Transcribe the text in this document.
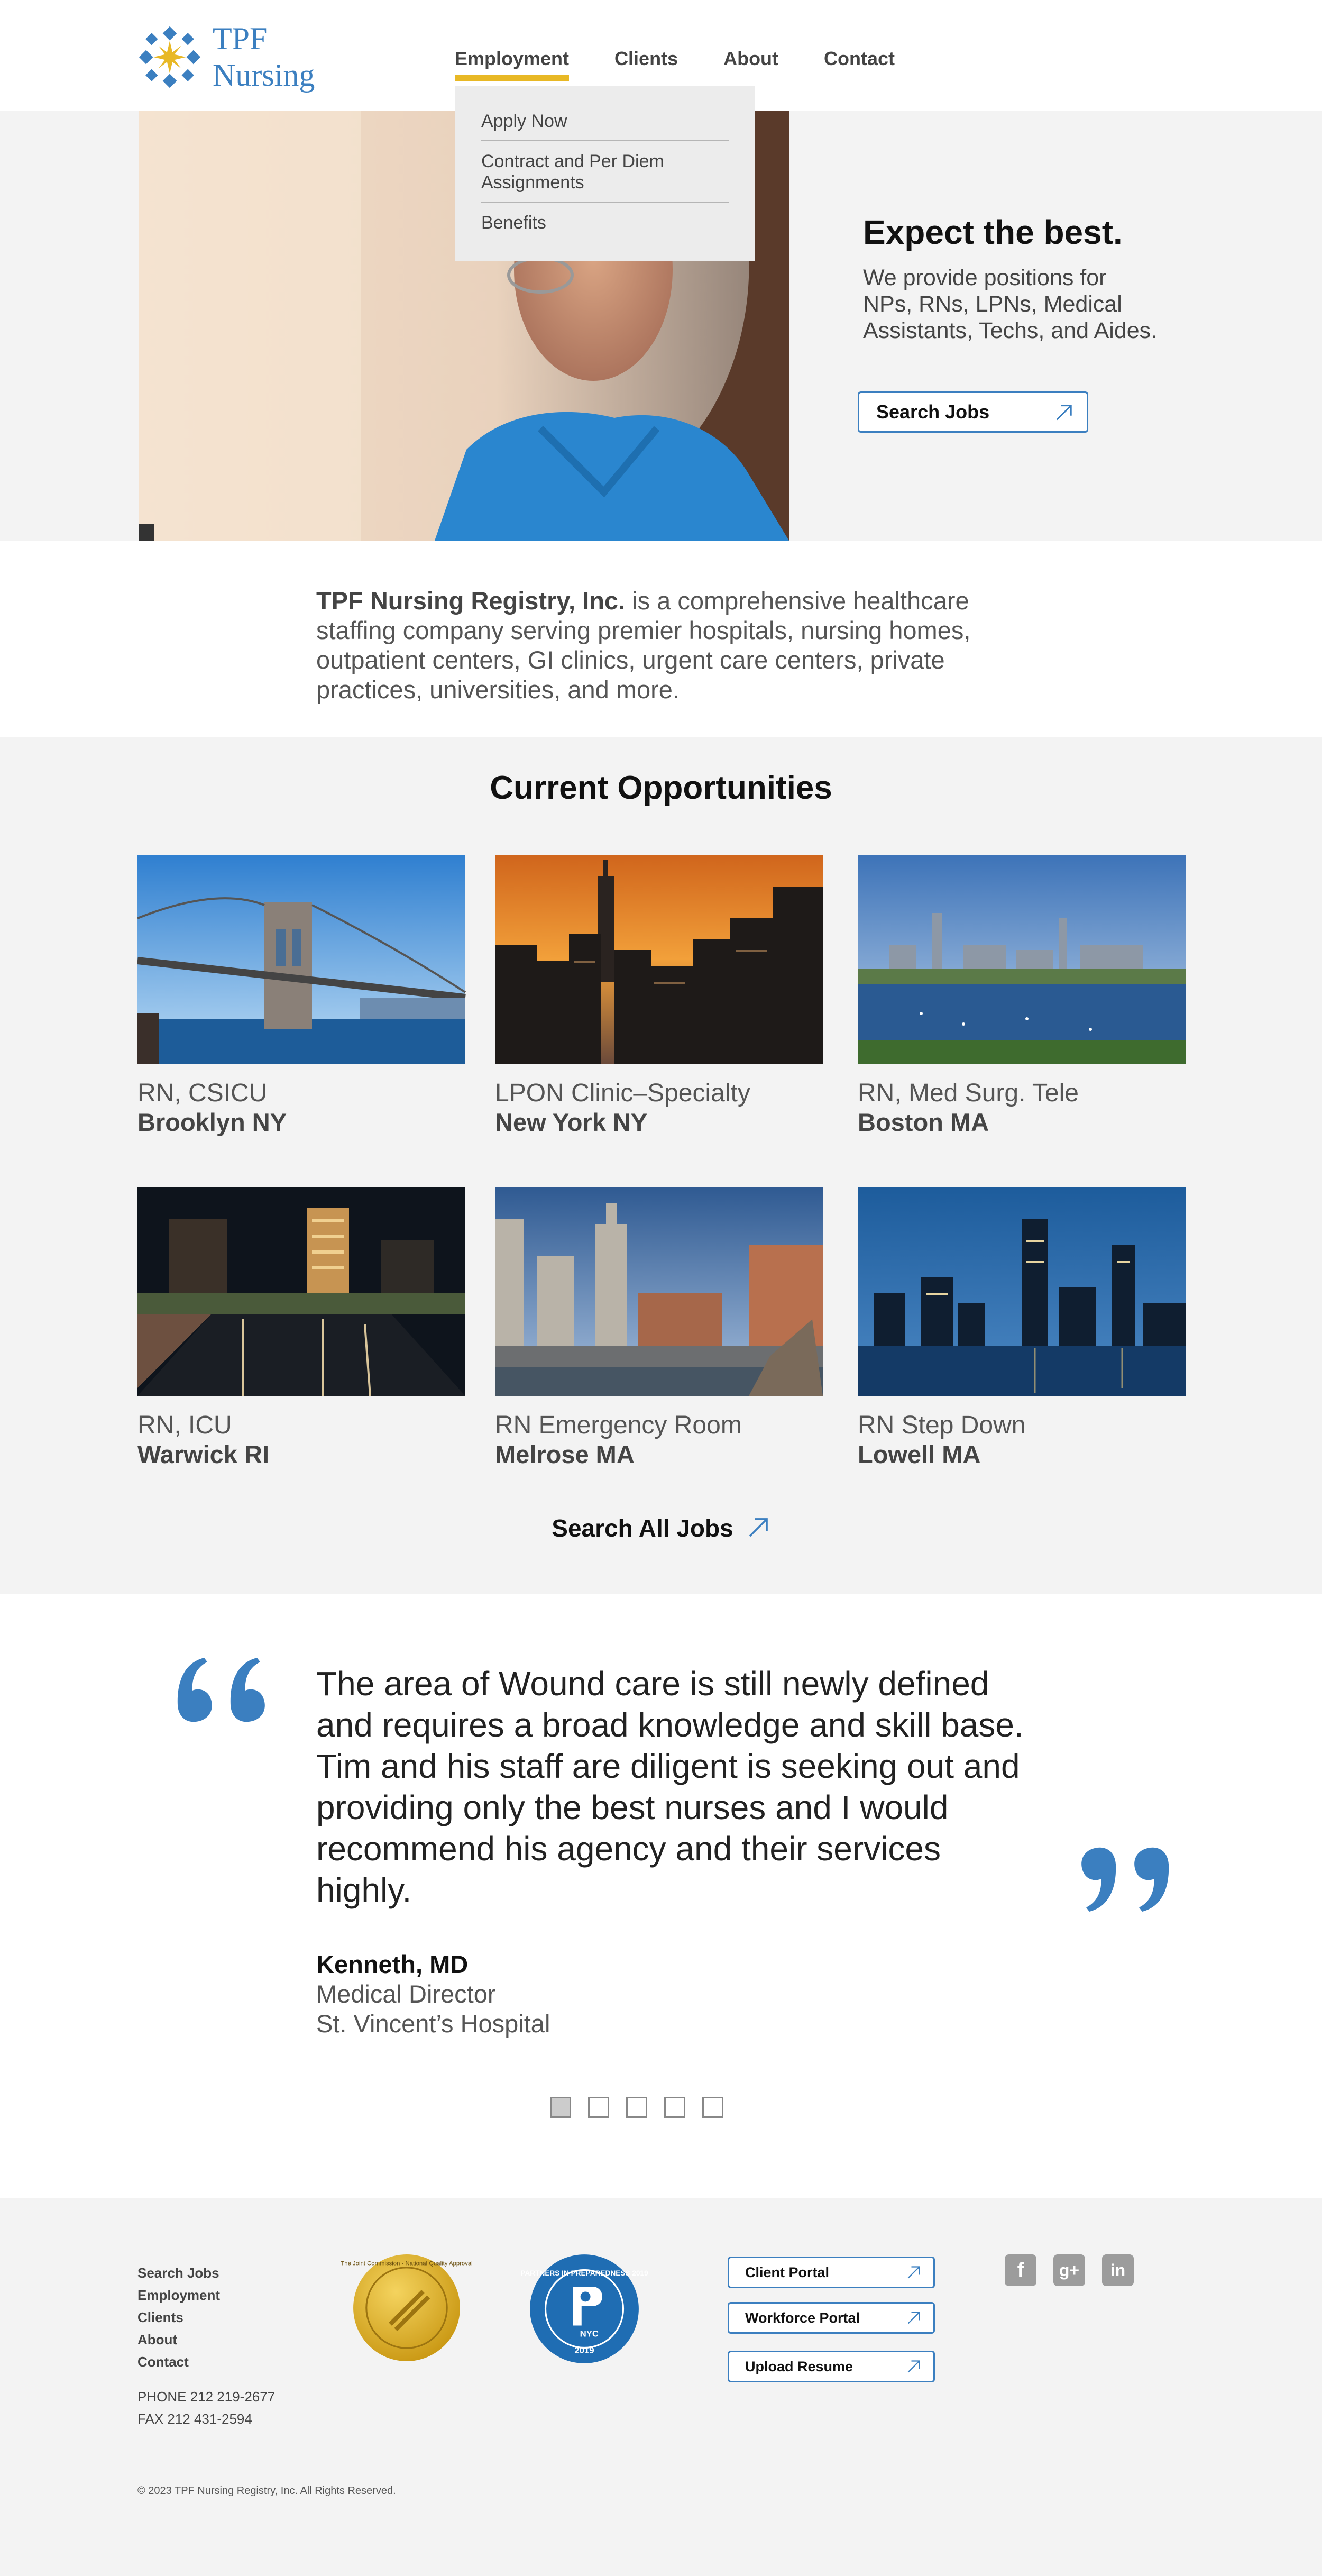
TPF Nursing	Employment Clients About Contact
Apply Now
Contract and Per Diem Assignments
Benefits	Expect the best.
We provide positions for NPs, RNs, LPNs, Medical Assistants, Techs, and Aides.
Search Jobs

TPF Nursing Registry, Inc. is a comprehensive healthcare staffing company serving premier hospitals, nursing homes, outpatient centers, GI clinics, urgent care centers, private practices, universities, and more.

Current Opportunities
RN, CSICU
Brooklyn NY
LPON Clinic–Specialty
New York NY
RN, Med Surg. Tele
Boston MA
RN, ICU
Warwick RI
RN Emergency Room
Melrose MA
RN Step Down
Lowell MA
Search All Jobs

The area of Wound care is still newly defined and requires a broad knowledge and skill base. Tim and his staff are diligent is seeking out and providing only the best nurses and I would recommend his agency and their services highly.

Kenneth, MD
Medical Director
St. Vincent’s Hospital
Search Jobs
Employment
Clients
About
Contact
PHONE 212 219-2677
FAX 212 431-2594
The Joint Commission · National Quality Approval
PARTNERS IN PREPAREDNESS 2019
NYC
2019
Client Portal
Workforce Portal
Upload Resume
f	g+	in
© 2023 TPF Nursing Registry, Inc. All Rights Reserved.
